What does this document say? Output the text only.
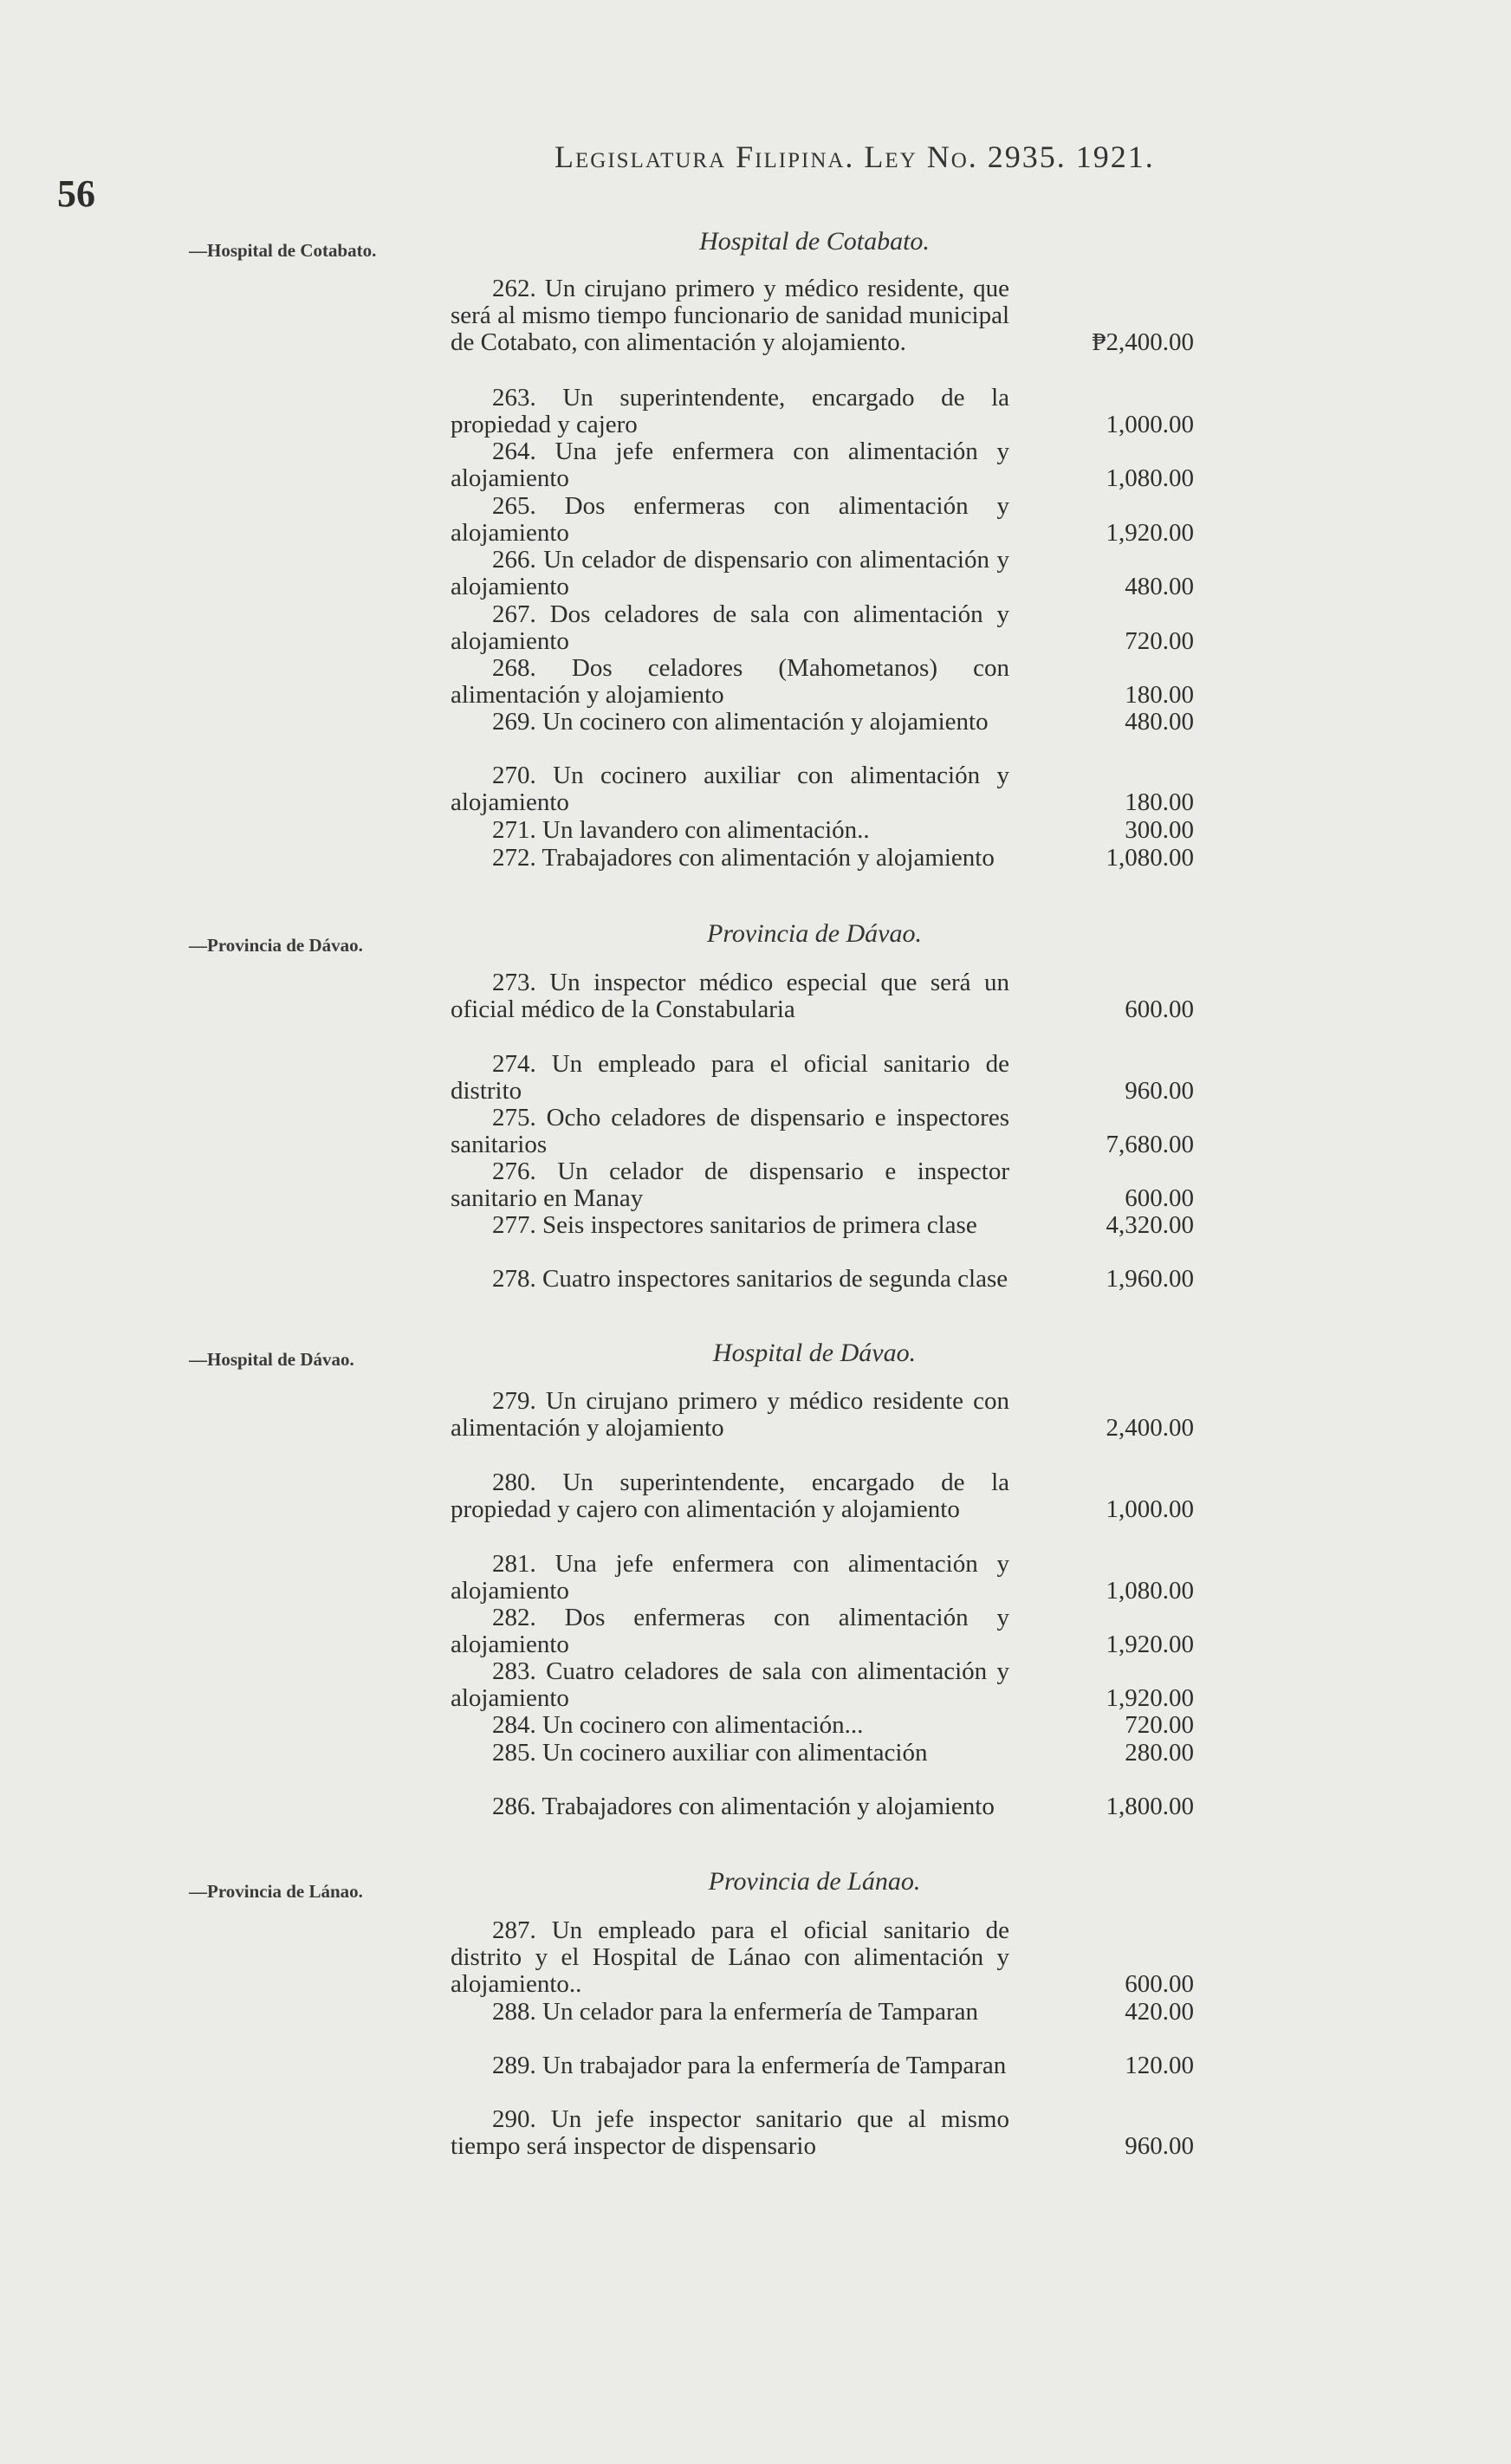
56
Legislatura Filipina. Ley No. 2935. 1921.
—Hospital de Cotabato.
—Provincia de Dávao.
—Hospital de Dávao.
—Provincia de Lánao.
Hospital de Cotabato.
Provincia de Dávao.
Hospital de Dávao.
Provincia de Lánao.
262. Un cirujano primero y médico residente, que será al mismo tiempo funcionario de sanidad municipal de Cotabato, con alimentación y alojamiento.	₱2,400.00
263. Un superintendente, encargado de la propiedad y cajero	1,000.00
264. Una jefe enfermera con alimentación y alojamiento	1,080.00
265. Dos enfermeras con alimentación y alojamiento	1,920.00
266. Un celador de dispensario con alimentación y alojamiento	480.00
267. Dos celadores de sala con alimentación y alojamiento	720.00
268. Dos celadores (Mahometanos) con alimentación y alojamiento	180.00
269. Un cocinero con alimentación y alojamiento	480.00
270. Un cocinero auxiliar con alimentación y alojamiento	180.00
271. Un lavandero con alimentación..	300.00
272. Trabajadores con alimentación y alojamiento	1,080.00
273. Un inspector médico especial que será un oficial médico de la Constabularia	600.00
274. Un empleado para el oficial sanitario de distrito	960.00
275. Ocho celadores de dispensario e inspectores sanitarios	7,680.00
276. Un celador de dispensario e inspector sanitario en Manay	600.00
277. Seis inspectores sanitarios de primera clase	4,320.00
278. Cuatro inspectores sanitarios de segunda clase	1,960.00
279. Un cirujano primero y médico residente con alimentación y alojamiento	2,400.00
280. Un superintendente, encargado de la propiedad y cajero con alimentación y alojamiento	1,000.00
281. Una jefe enfermera con alimentación y alojamiento	1,080.00
282. Dos enfermeras con alimentación y alojamiento	1,920.00
283. Cuatro celadores de sala con alimentación y alojamiento	1,920.00
284. Un cocinero con alimentación...	720.00
285. Un cocinero auxiliar con alimentación	280.00
286. Trabajadores con alimentación y alojamiento	1,800.00
287. Un empleado para el oficial sanitario de distrito y el Hospital de Lánao con alimentación y alojamiento..	600.00
288. Un celador para la enfermería de Tamparan	420.00
289. Un trabajador para la enfermería de Tamparan	120.00
290. Un jefe inspector sanitario que al mismo tiempo será inspector de dispensario	960.00
